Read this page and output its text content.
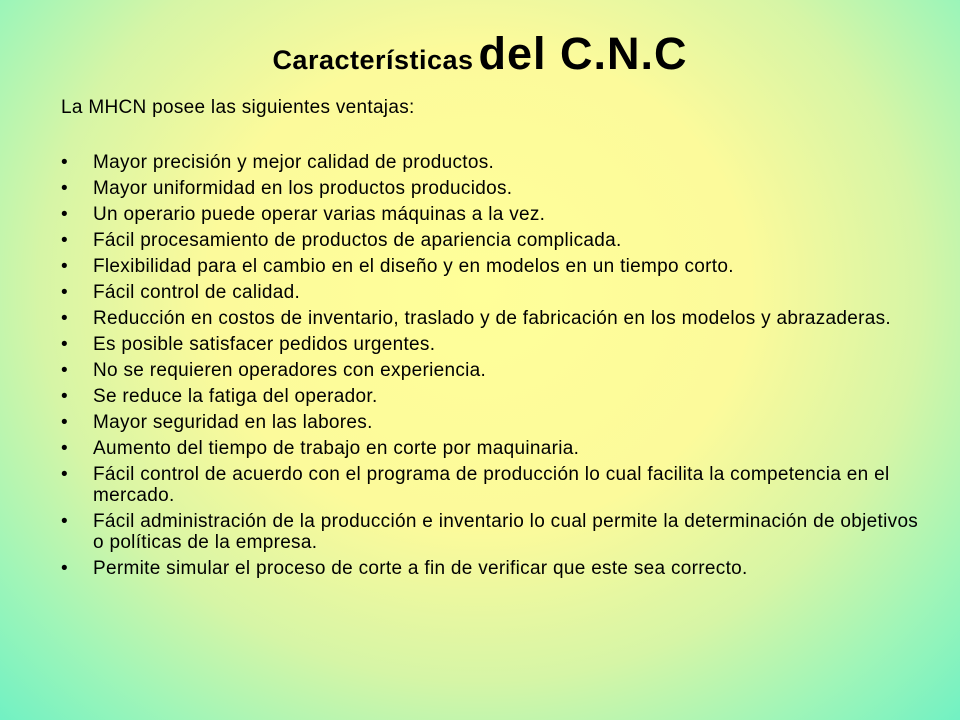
Características del C.N.C
La MHCN posee las siguientes ventajas:
• Mayor precisión y mejor calidad de productos.
• Mayor uniformidad en los productos producidos.
• Un operario puede operar varias máquinas a la vez.
• Fácil procesamiento de productos de apariencia complicada.
• Flexibilidad para el cambio en el diseño y en modelos en un tiempo corto.
• Fácil control de calidad.
• Reducción en costos de inventario, traslado y de fabricación en los modelos y abrazaderas.
• Es posible satisfacer pedidos urgentes.
• No se requieren operadores con experiencia.
• Se reduce la fatiga del operador.
• Mayor seguridad en las labores.
• Aumento del tiempo de trabajo en corte por maquinaria.
• Fácil control de acuerdo con el programa de producción lo cual facilita la competencia en el mercado.
• Fácil administración de la producción e inventario lo cual permite la determinación de objetivos o políticas de la empresa.
• Permite simular el proceso de corte a fin de verificar que este sea correcto.
